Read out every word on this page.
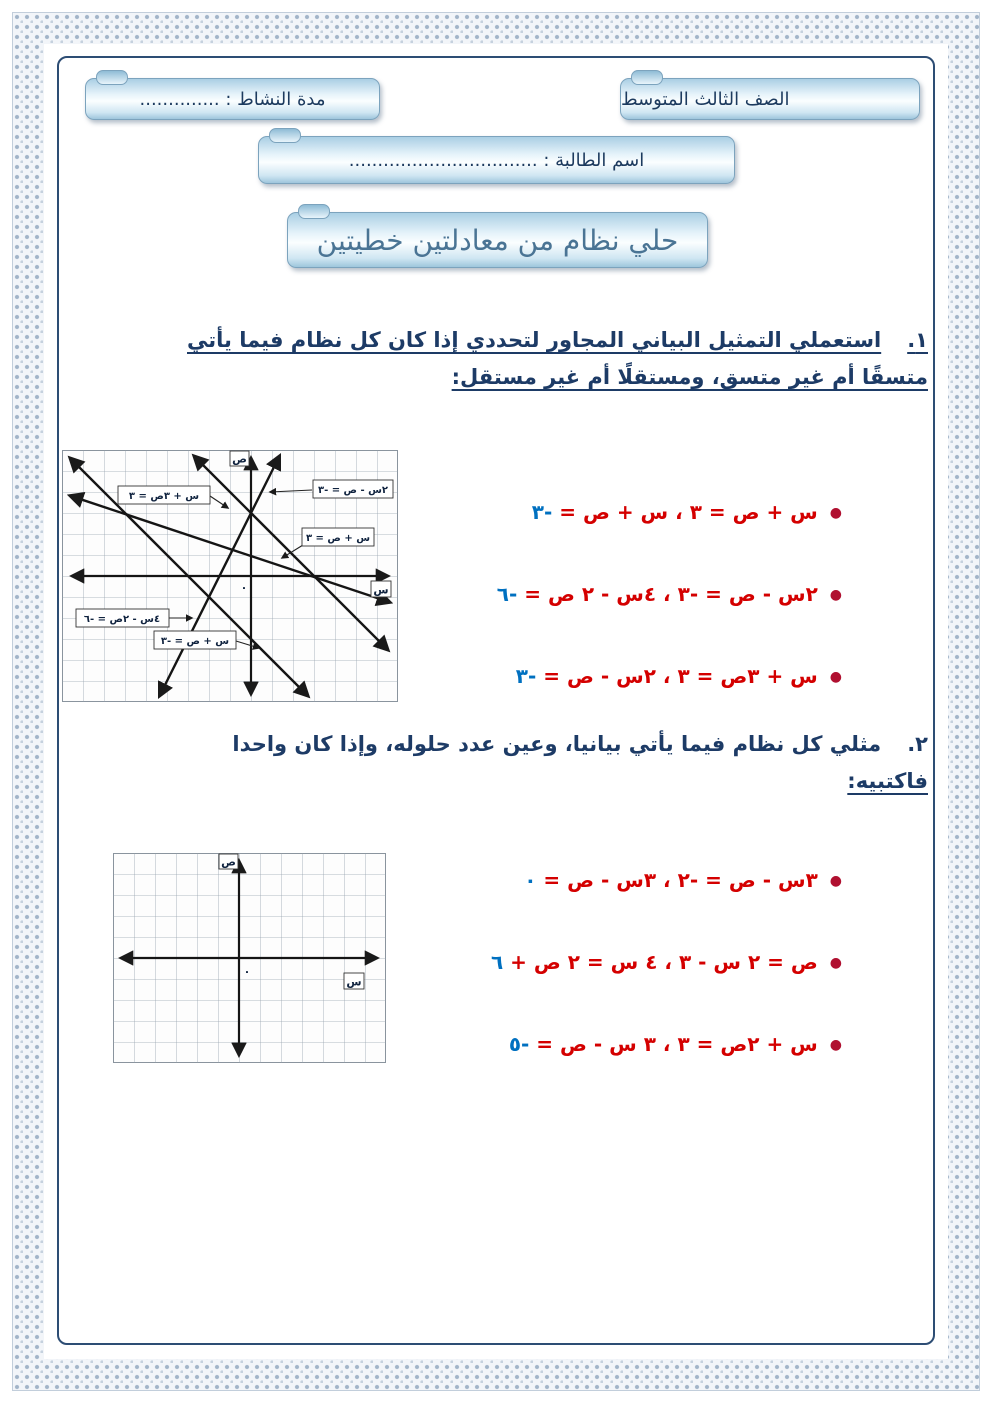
الصف الثالث المتوسط
مدة النشاط : ..............
اسم الطالبة : .................................
حلي نظام من معادلتين خطيتين
١.استعملي التمثيل البياني المجاور لتحددي إذا كان كل نظام فيما يأتي
متسقًا أم غير متسق، ومستقلًا أم غير مستقل:
س + ٣ص = ٣
٢س - ص = -٣
س + ص = ٣
٤س - ٢ص = -٦
س + ص = -٣
ص
س
٠
●س + ص = ٣ ، س + ص = -٣
●٢س - ص = -٣ ، ٤س - ٢ ص = -٦
●س + ٣ص = ٣ ، ٢س - ص = -٣
٢.مثلي كل نظام فيما يأتي بيانيا، وعين عدد حلوله، وإذا كان واحدا
فاكتبيه:
ص
س
٠
●٣س - ص = -٢ ، ٣س - ص = ٠
●ص = ٢ س - ٣ ، ٤ س = ٢ ص + ٦
●س + ٢ص = ٣ ، ٣ س - ص = -٥
